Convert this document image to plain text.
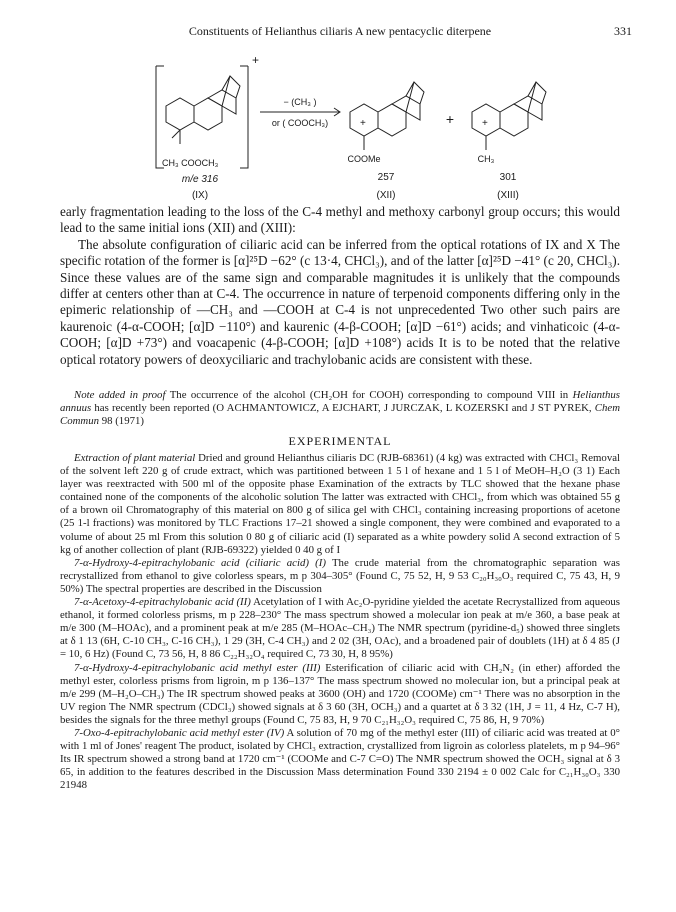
Constituents of Helianthus ciliaris A new pentacyclic diterpene	331
+
CH₃ COOCH₃
m/e 316
(IX)
− (CH₃ )
or ( COOCH₃)	+
COOMe
257
(XII)
+	+
CH₃
301
(XIII)

early fragmentation leading to the loss of the C-4 methyl and methoxy carbonyl group occurs; this would lead to the same initial ions (XII) and (XIII):

The absolute configuration of ciliaric acid can be inferred from the optical rotations of IX and X The specific rotation of the former is [α]²⁵D −62° (c 13·4, CHCl₃), and of the latter [α]²⁵D −41° (c 20, CHCl₃). Since these values are of the same sign and comparable magnitudes it is unlikely that the compounds differ at centers other than at C-4. The occurrence in nature of terpenoid components differing only in the epimeric relationship of —CH₃ and —COOH at C-4 is not unprecedented Two other such pairs are kaurenoic (4-α-COOH; [α]D −110°) and kaurenic (4-β-COOH; [α]D −61°) acids; and vinhaticoic (4-α-COOH; [α]D +73°) and voacapenic (4-β-COOH; [α]D +108°) acids It is to be noted that the relative optical rotatory powers of deoxyciliaric and trachylobanic acids are consistent with these.

Note added in proof The occurrence of the alcohol (CH₂OH for COOH) corresponding to compound VIII in Helianthus annuus has recently been reported (O ACHMANTOWICZ, A EJCHART, J JURCZAK, L KOZERSKI and J ST PYREK, Chem Commun 98 (1971)

EXPERIMENTAL

Extraction of plant material Dried and ground Helianthus ciliaris DC (RJB-68361) (4 kg) was extracted with CHCl₃ Removal of the solvent left 220 g of crude extract, which was partitioned between 1 5 l of hexane and 1 5 l of MeOH–H₂O (3 1) Each layer was reextracted with 500 ml of the opposite phase Examination of the extracts by TLC showed that the hexane phase contained none of the components of the alcoholic solution The latter was extracted with CHCl₃, from which was obtained 55 g of a brown oil Chromatography of this material on 800 g of silica gel with CHCl₃ containing increasing proportions of acetone (25 1-l fractions) was monitored by TLC Fractions 17–21 showed a single component, they were combined and evaporated to a volume of about 25 ml From this solution 0 80 g of ciliaric acid (I) separated as a white powdery solid A second extraction of 5 kg of another collection of plant (RJB-69322) yielded 0 40 g of I

7-α-Hydroxy-4-epitrachylobanic acid (ciliaric acid) (I) The crude material from the chromatographic separation was recrystallized from ethanol to give colorless spears, m p 304–305° (Found C, 75 52, H, 9 53 C₂₀H₃₀O₃ required C, 75 43, H, 9 50%) The spectral properties are described in the Discussion

7-α-Acetoxy-4-epitrachylobanic acid (II) Acetylation of I with Ac₂O-pyridine yielded the acetate Recrystallized from aqueous ethanol, it formed colorless prisms, m p 228–230° The mass spectrum showed a molecular ion peak at m/e 360, a base peak at m/e 300 (M–HOAc), and a prominent peak at m/e 285 (M–HOAc–CH₃) The NMR spectrum (pyridine-d₅) showed three singlets at δ 1 13 (6H, C-10 CH₃, C-16 CH₃), 1 29 (3H, C-4 CH₃) and 2 02 (3H, OAc), and a broadened pair of doublets (1H) at δ 4 85 (J = 10, 6 Hz) (Found C, 73 56, H, 8 86 C₂₂H₃₂O₄ required C, 73 30, H, 8 95%)

7-α-Hydroxy-4-epitrachylobanic acid methyl ester (III) Esterification of ciliaric acid with CH₂N₂ (in ether) afforded the methyl ester, colorless prisms from ligroin, m p 136–137° The mass spectrum showed no molecular ion, but a principal peak at m/e 299 (M–H₂O–CH₃) The IR spectrum showed peaks at 3600 (OH) and 1720 (COOMe) cm⁻¹ There was no absorption in the UV region The NMR spectrum (CDCl₃) showed signals at δ 3 60 (3H, OCH₃) and a quartet at δ 3 32 (1H, J = 11, 4 Hz, C-7 H), besides the signals for the three methyl groups (Found C, 75 83, H, 9 70 C₂₁H₃₂O₃ required C, 75 86, H, 9 70%)

7-Oxo-4-epitrachylobanic acid methyl ester (IV) A solution of 70 mg of the methyl ester (III) of ciliaric acid was treated at 0° with 1 ml of Jones' reagent The product, isolated by CHCl₃ extraction, crystallized from ligroin as colorless platelets, m p 94–96° Its IR spectrum showed a strong band at 1720 cm⁻¹ (COOMe and C-7 C=O) The NMR spectrum showed the OCH₃ signal at δ 3 65, in addition to the features described in the Discussion Mass determination Found 330 2194 ± 0 002 Calc for C₂₁H₃₀O₃ 330 21948
